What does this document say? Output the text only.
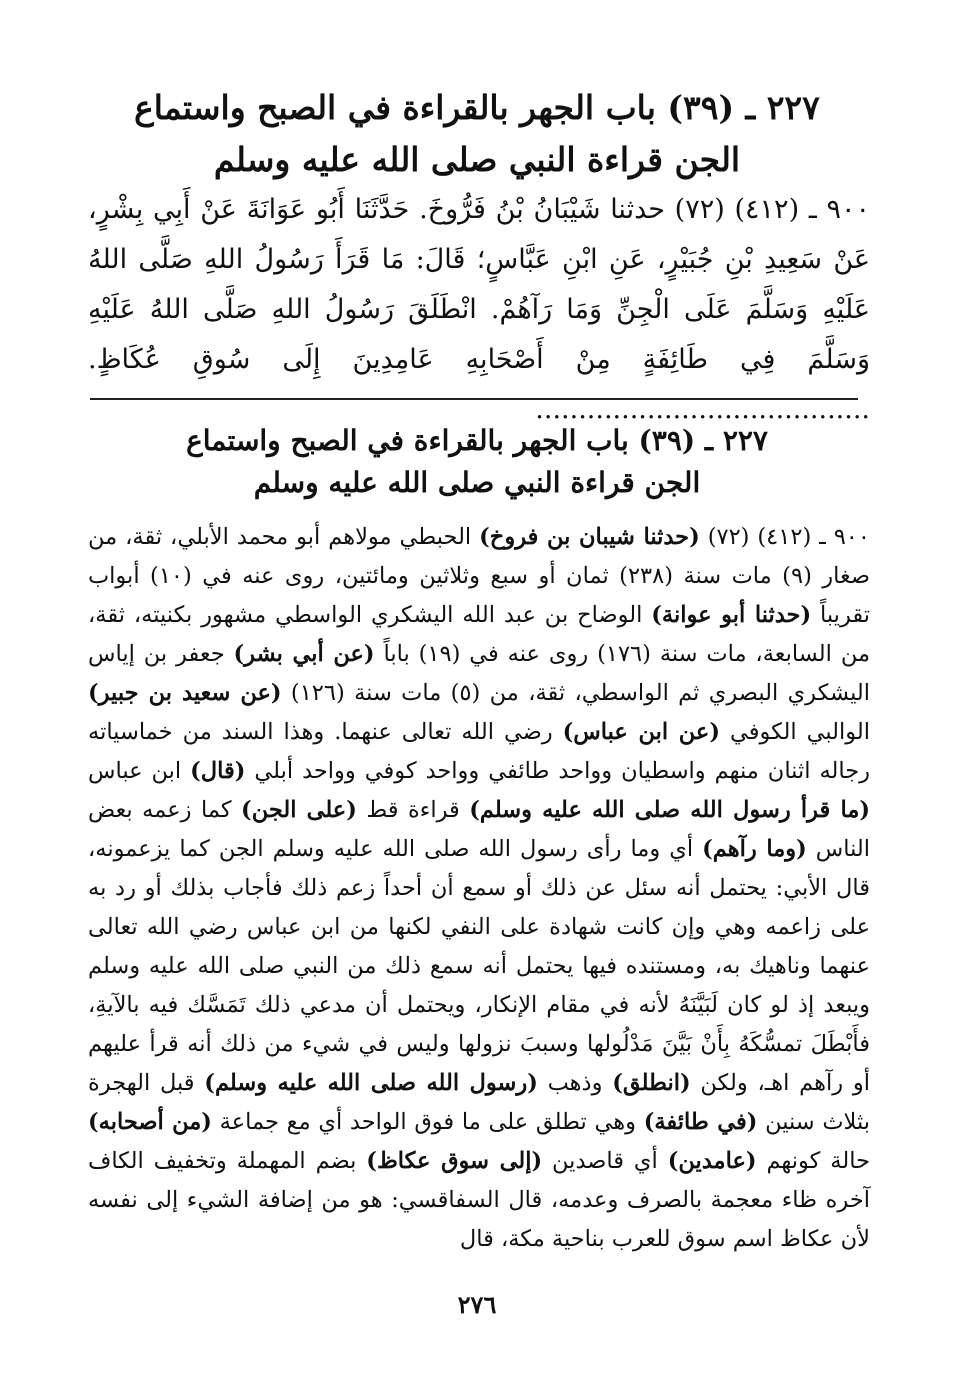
٢٢٧ ـ (٣٩) باب الجهر بالقراءة في الصبح واستماع
الجن قراءة النبي صلى الله عليه وسلم

٩٠٠ ـ (٤١٢) (٧٢) حدثنا شَيْبَانُ بْنُ فَرُّوخَ. حَدَّثَنَا أَبُو عَوَانَةَ عَنْ أَبِي بِشْرٍ، عَنْ سَعِيدِ بْنِ جُبَيْرٍ، عَنِ ابْنِ عَبَّاسٍ؛ قَالَ: مَا قَرَأَ رَسُولُ اللهِ صَلَّى اللهُ عَلَيْهِ وَسَلَّمَ عَلَى الْجِنِّ وَمَا رَآهُمْ. انْطَلَقَ رَسُولُ اللهِ صَلَّى اللهُ عَلَيْهِ وَسَلَّمَ فِي طَائِفَةٍ مِنْ أَصْحَابِهِ عَامِدِينَ إِلَى سُوقِ عُكَاظٍ. .......................................

٢٢٧ ـ (٣٩) باب الجهر بالقراءة في الصبح واستماع
الجن قراءة النبي صلى الله عليه وسلم

٩٠٠ ـ (٤١٢) (٧٢) (حدثنا شيبان بن فروخ) الحبطي مولاهم أبو محمد الأبلي، ثقة، من صغار (٩) مات سنة (٢٣٨) ثمان أو سبع وثلاثين ومائتين، روى عنه في (١٠) أبواب تقريباً (حدثنا أبو عوانة) الوضاح بن عبد الله اليشكري الواسطي مشهور بكنيته، ثقة، من السابعة، مات سنة (١٧٦) روى عنه في (١٩) باباً (عن أبي بشر) جعفر بن إياس اليشكري البصري ثم الواسطي، ثقة، من (٥) مات سنة (١٢٦) (عن سعيد بن جبير) الوالبي الكوفي (عن ابن عباس) رضي الله تعالى عنهما. وهذا السند من خماسياته رجاله اثنان منهم واسطيان وواحد طائفي وواحد كوفي وواحد أبلي (قال) ابن عباس (ما قرأ رسول الله صلى الله عليه وسلم) قراءة قط (على الجن) كما زعمه بعض الناس (وما رآهم) أي وما رأى رسول الله صلى الله عليه وسلم الجن كما يزعمونه، قال الأبي: يحتمل أنه سئل عن ذلك أو سمع أن أحداً زعم ذلك فأجاب بذلك أو رد به على زاعمه وهي وإن كانت شهادة على النفي لكنها من ابن عباس رضي الله تعالى عنهما وناهيك به، ومستنده فيها يحتمل أنه سمع ذلك من النبي صلى الله عليه وسلم ويبعد إذ لو كان لَبَيَّنَهُ لأنه في مقام الإنكار، ويحتمل أن مدعي ذلك تَمَسَّك فيه بالآيةِ، فأَبْطَلَ تمسُّكَهُ بِأَنْ بَيَّنَ مَدْلُولها وسببَ نزولها وليس في شيء من ذلك أنه قرأ عليهم أو رآهم اهـ، ولكن (انطلق) وذهب (رسول الله صلى الله عليه وسلم) قبل الهجرة بثلاث سنين (في طائفة) وهي تطلق على ما فوق الواحد أي مع جماعة (من أصحابه) حالة كونهم (عامدين) أي قاصدين (إلى سوق عكاظ) بضم المهملة وتخفيف الكاف آخره ظاء معجمة بالصرف وعدمه، قال السفاقسي: هو من إضافة الشيء إلى نفسه لأن عكاظ اسم سوق للعرب بناحية مكة، قال

٢٧٦
